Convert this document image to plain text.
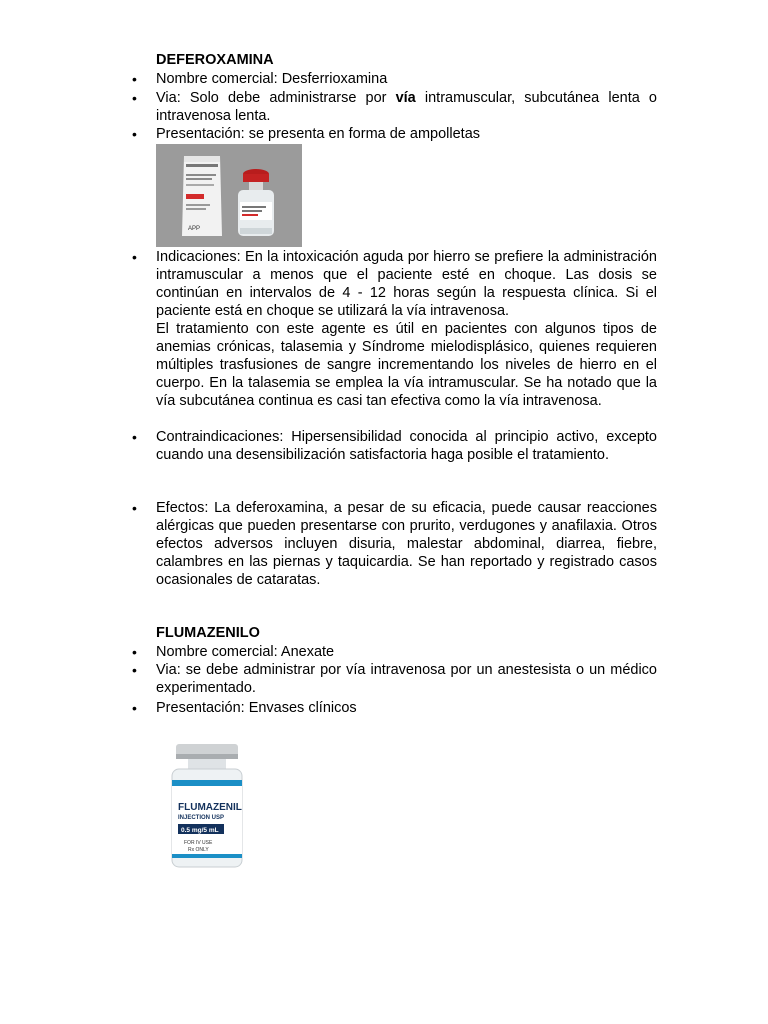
DEFEROXAMINA
• Nombre comercial: Desferrioxamina
• Via: Solo debe administrarse por vía intramuscular, subcutánea lenta o intravenosa lenta.
• Presentación: se presenta en forma de ampolletas
APP
• Indicaciones: En la intoxicación aguda por hierro se prefiere la administración intramuscular a menos que el paciente esté en choque. Las dosis se continúan en intervalos de 4 - 12 horas según la respuesta clínica. Si el paciente está en choque se utilizará la vía intravenosa.
El tratamiento con este agente es útil en pacientes con algunos tipos de anemias crónicas, talasemia y Síndrome mielodisplásico, quienes requieren múltiples trasfusiones de sangre incrementando los niveles de hierro en el cuerpo. En la talasemia se emplea la vía intramuscular. Se ha notado que la vía subcutánea continua es casi tan efectiva como la vía intravenosa.
• Contraindicaciones: Hipersensibilidad conocida al principio activo, excepto cuando una desensibilización satisfactoria haga posible el tratamiento.
• Efectos: La deferoxamina, a pesar de su eficacia, puede causar reacciones alérgicas que pueden presentarse con prurito, verdugones y anafilaxia. Otros efectos adversos incluyen disuria, malestar abdominal, diarrea, fiebre, calambres en las piernas y taquicardia. Se han reportado y registrado casos ocasionales de cataratas.
FLUMAZENILO
• Nombre comercial: Anexate
• Via: se debe administrar por vía intravenosa por un anestesista o un médico experimentado.
• Presentación: Envases clínicos
FLUMAZENIL
INJECTION USP
0.5 mg/5 mL
FOR IV USE
Rx ONLY
